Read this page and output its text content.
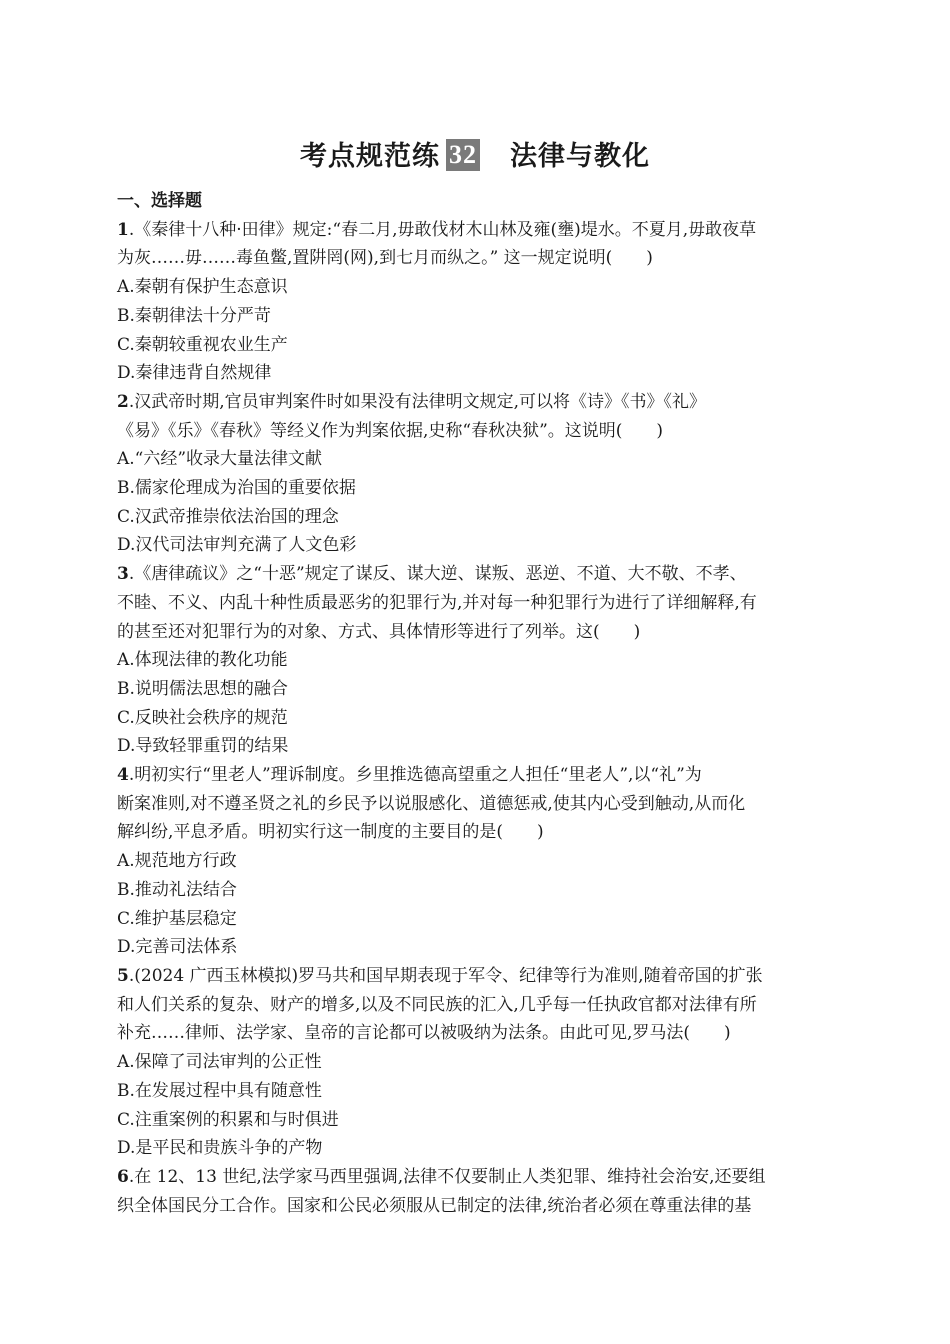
考点规范练 32 法律与教化
一、选择题
1.《秦律十八种·田律》规定:“春二月,毋敢伐材木山林及雍(壅)堤水。不夏月,毋敢夜草
为灰……毋……毒鱼鳖,置阱罔(网),到七月而纵之。” 这一规定说明(　　)
A.秦朝有保护生态意识
B.秦朝律法十分严苛
C.秦朝较重视农业生产
D.秦律违背自然规律
2.汉武帝时期,官员审判案件时如果没有法律明文规定,可以将《诗》《书》《礼》
《易》《乐》《春秋》等经义作为判案依据,史称“春秋决狱”。这说明(　　)
A.“六经”收录大量法律文献
B.儒家伦理成为治国的重要依据
C.汉武帝推崇依法治国的理念
D.汉代司法审判充满了人文色彩
3.《唐律疏议》之“十恶”规定了谋反、谋大逆、谋叛、恶逆、不道、大不敬、不孝、
不睦、不义、内乱十种性质最恶劣的犯罪行为,并对每一种犯罪行为进行了详细解释,有
的甚至还对犯罪行为的对象、方式、具体情形等进行了列举。这(　　)
A.体现法律的教化功能
B.说明儒法思想的融合
C.反映社会秩序的规范
D.导致轻罪重罚的结果
4.明初实行“里老人”理诉制度。乡里推选德高望重之人担任“里老人”,以“礼”为
断案准则,对不遵圣贤之礼的乡民予以说服感化、道德惩戒,使其内心受到触动,从而化
解纠纷,平息矛盾。明初实行这一制度的主要目的是(　　)
A.规范地方行政
B.推动礼法结合
C.维护基层稳定
D.完善司法体系
5.(2024 广西玉林模拟)罗马共和国早期表现于军令、纪律等行为准则,随着帝国的扩张
和人们关系的复杂、财产的增多,以及不同民族的汇入,几乎每一任执政官都对法律有所
补充……律师、法学家、皇帝的言论都可以被吸纳为法条。由此可见,罗马法(　　)
A.保障了司法审判的公正性
B.在发展过程中具有随意性
C.注重案例的积累和与时俱进
D.是平民和贵族斗争的产物
6.在 12、13 世纪,法学家马西里强调,法律不仅要制止人类犯罪、维持社会治安,还要组
织全体国民分工合作。国家和公民必须服从已制定的法律,统治者必须在尊重法律的基
